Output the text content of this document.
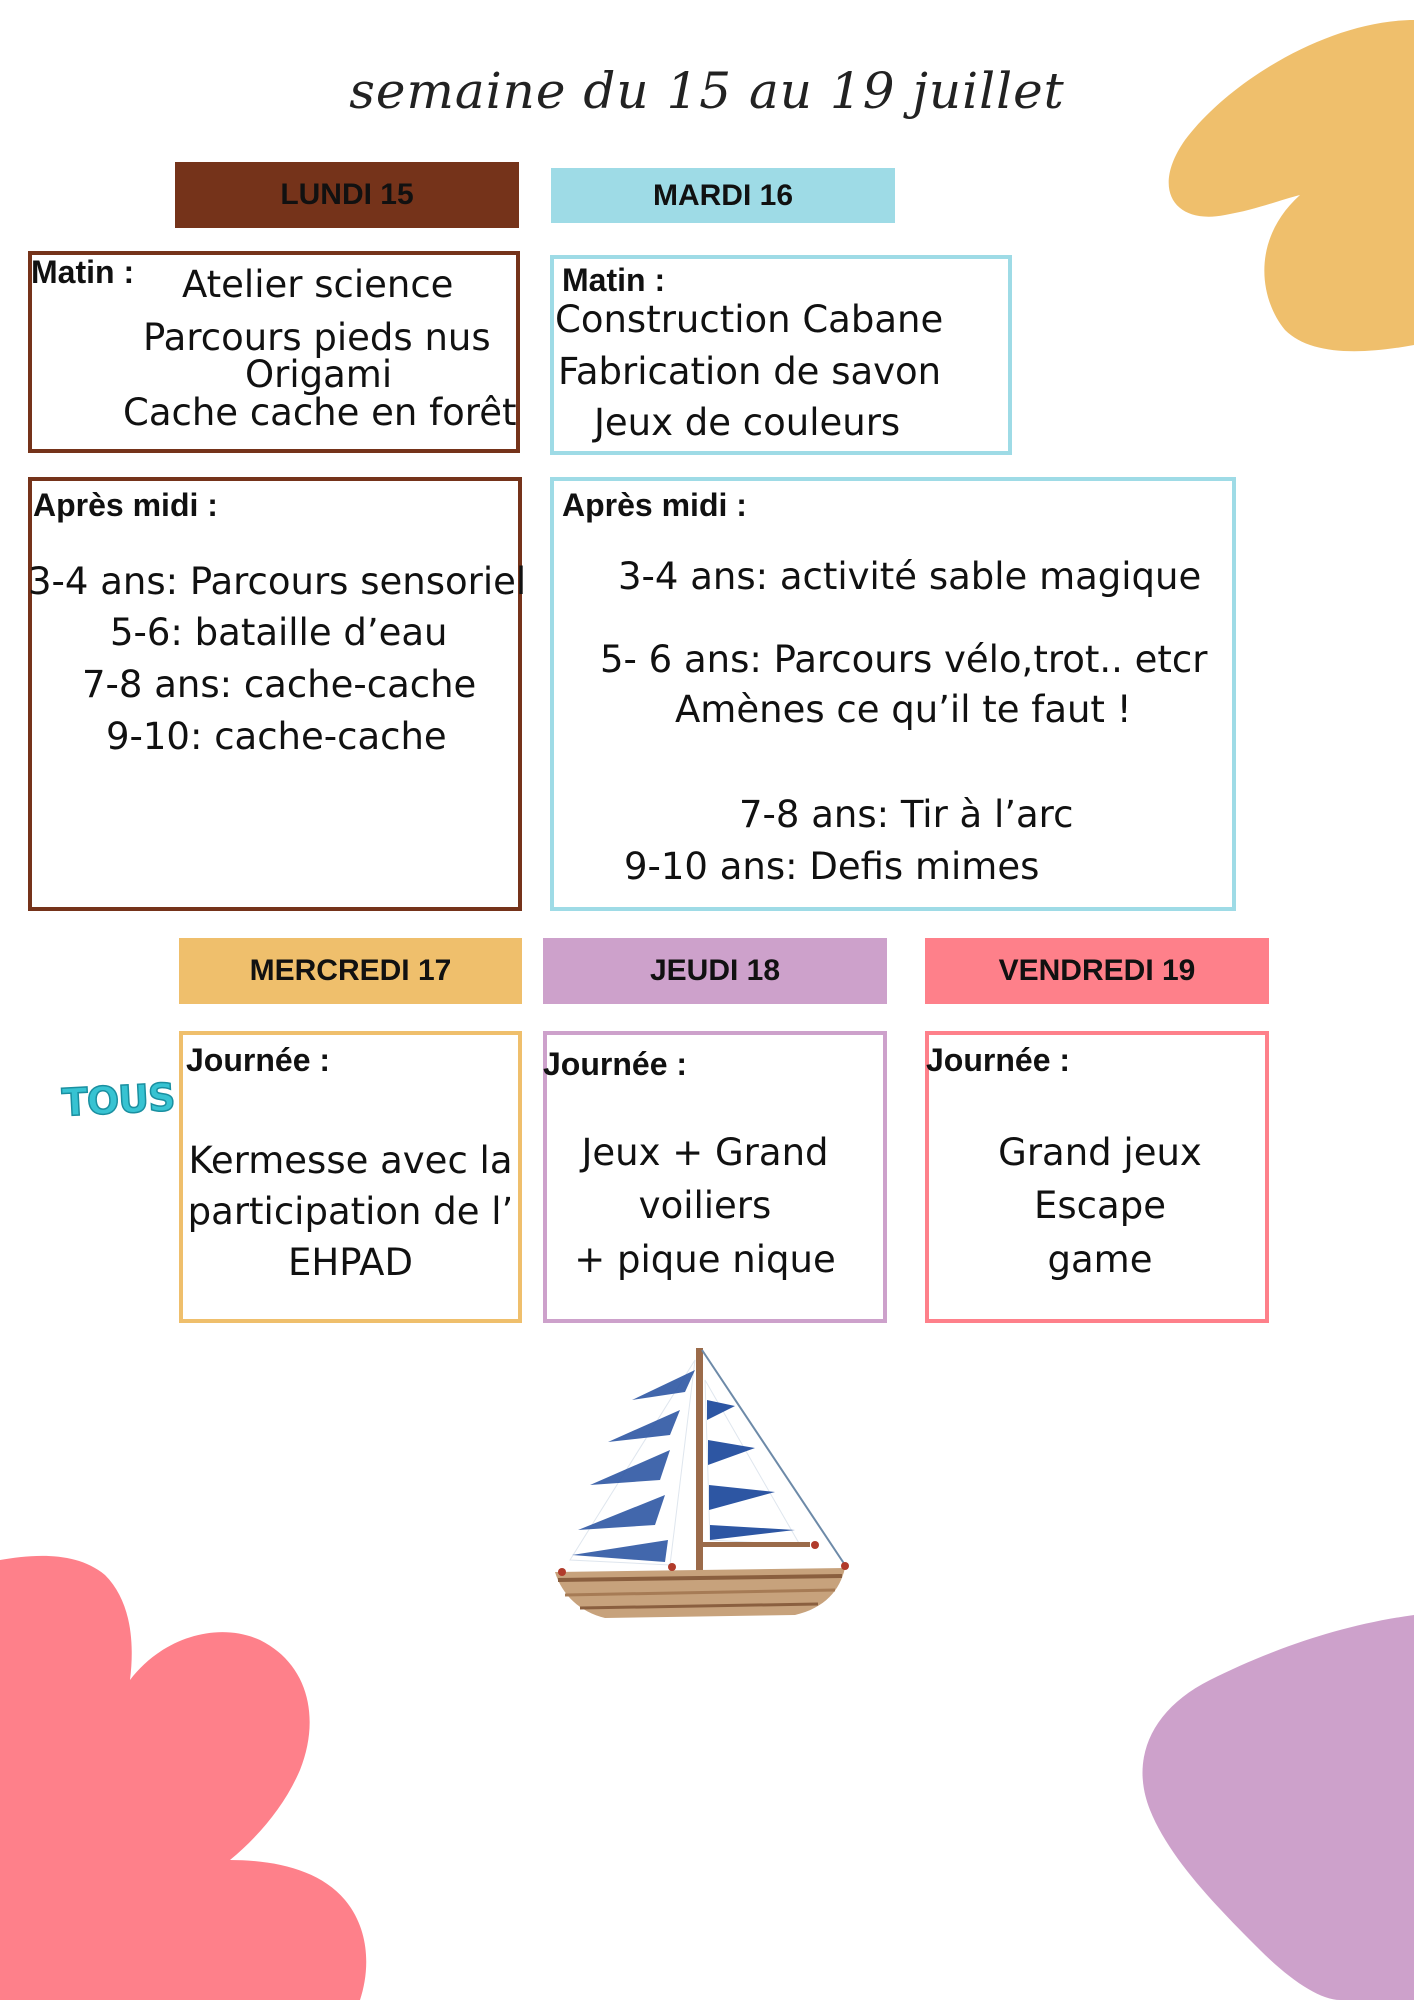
semaine du 15 au 19 juillet
LUNDI 15	MARDI 16
Matin : Atelier science
Parcours pieds nus
Origami
Cache cache en forêt
Matin :
Construction Cabane
Fabrication de savon
Jeux de couleurs
Après midi :
3-4 ans: Parcours sensoriel
5-6: bataille d’eau
7-8 ans: cache-cache
9-10: cache-cache
Après midi :
3-4 ans: activité sable magique
5- 6 ans: Parcours vélo,trot.. etcr
Amènes ce qu’il te faut !
7-8 ans: Tir à l’arc
9-10 ans: Defis mimes
MERCREDI 17	JEUDI 18	VENDREDI 19
TOUS
Journée :
Kermesse avec la
participation de l’
EHPAD
Journée :
Jeux + Grand
voiliers
+ pique nique
Journée :
Grand jeux
Escape
game
